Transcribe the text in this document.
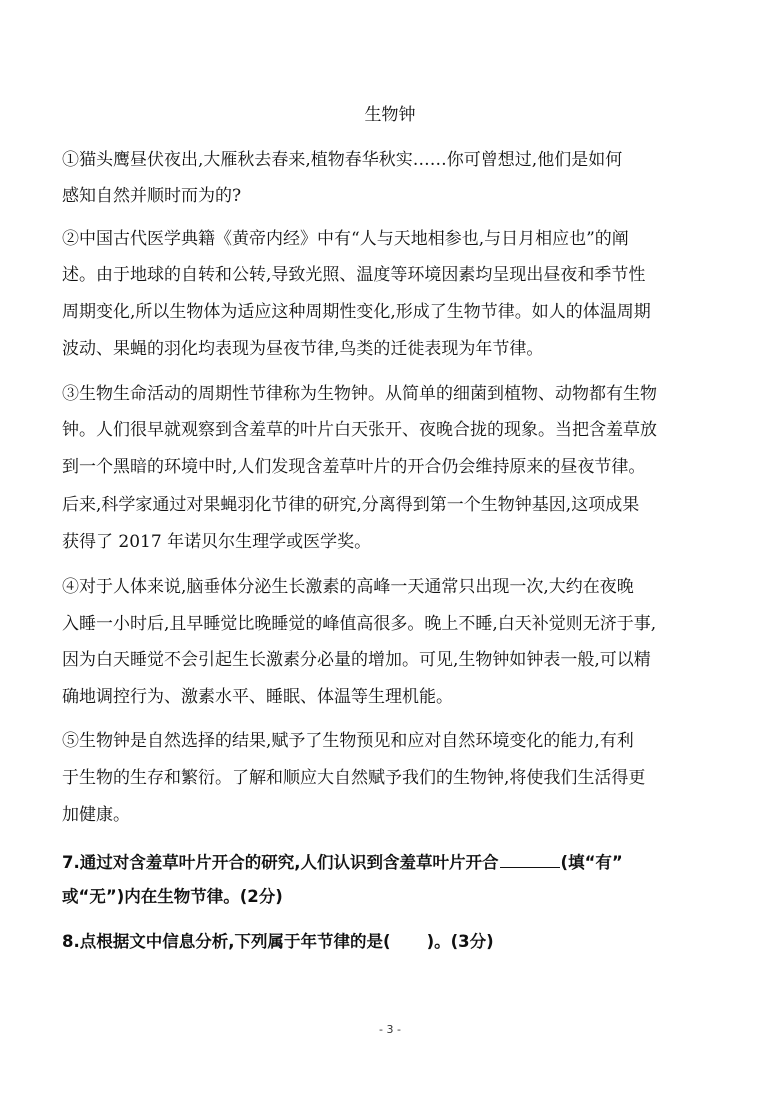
生物钟
①猫头鹰昼伏夜出,大雁秋去春来,植物春华秋实……你可曾想过,他们是如何
感知自然并顺时而为的?
②中国古代医学典籍《黄帝内经》中有“人与天地相参也,与日月相应也”的阐
述。由于地球的自转和公转,导致光照、温度等环境因素均呈现出昼夜和季节性
周期变化,所以生物体为适应这种周期性变化,形成了生物节律。如人的体温周期
波动、果蝇的羽化均表现为昼夜节律,鸟类的迁徙表现为年节律。
③生物生命活动的周期性节律称为生物钟。从简单的细菌到植物、动物都有生物
钟。人们很早就观察到含羞草的叶片白天张开、夜晚合拢的现象。当把含羞草放
到一个黑暗的环境中时,人们发现含羞草叶片的开合仍会维持原来的昼夜节律。
后来,科学家通过对果蝇羽化节律的研究,分离得到第一个生物钟基因,这项成果
获得了 2017 年诺贝尔生理学或医学奖。
④对于人体来说,脑垂体分泌生长激素的高峰一天通常只出现一次,大约在夜晚
入睡一小时后,且早睡觉比晚睡觉的峰值高很多。晚上不睡,白天补觉则无济于事,
因为白天睡觉不会引起生长激素分必量的增加。可见,生物钟如钟表一般,可以精
确地调控行为、激素水平、睡眠、体温等生理机能。
⑤生物钟是自然选择的结果,赋予了生物预见和应对自然环境变化的能力,有利
于生物的生存和繁衍。了解和顺应大自然赋予我们的生物钟,将使我们生活得更
加健康。
7.通过对含羞草叶片开合的研究,人们认识到含羞草叶片开合	(填“有”
或“无”)内在生物节律。(2分)
8.点根据文中信息分析,下列属于年节律的是( )。(3分)
- 3 -
